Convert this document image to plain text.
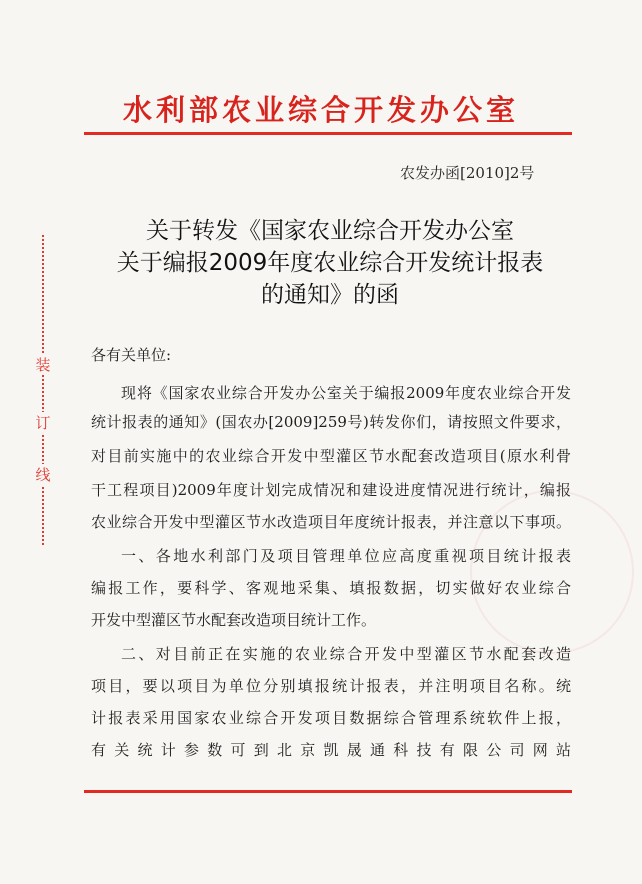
水利部农业综合开发办公室
农发办函[2010]2号
关于转发《国家农业综合开发办公室
关于编报2009年度农业综合开发统计报表
的通知》的函
装
订
线
各有关单位:
现将《国家农业综合开发办公室关于编报2009年度农业综合开发
统计报表的通知》(国农办[2009]259号)转发你们，请按照文件要求，
对目前实施中的农业综合开发中型灌区节水配套改造项目(原水利骨
干工程项目)2009年度计划完成情况和建设进度情况进行统计，编报
农业综合开发中型灌区节水改造项目年度统计报表，并注意以下事项。
一、各地水利部门及项目管理单位应高度重视项目统计报表
编报工作，要科学、客观地采集、填报数据，切实做好农业综合
开发中型灌区节水配套改造项目统计工作。
二、对目前正在实施的农业综合开发中型灌区节水配套改造
项目，要以项目为单位分别填报统计报表，并注明项目名称。统
计报表采用国家农业综合开发项目数据综合管理系统软件上报，
有关统计参数可到北京凯晟通科技有限公司网站
